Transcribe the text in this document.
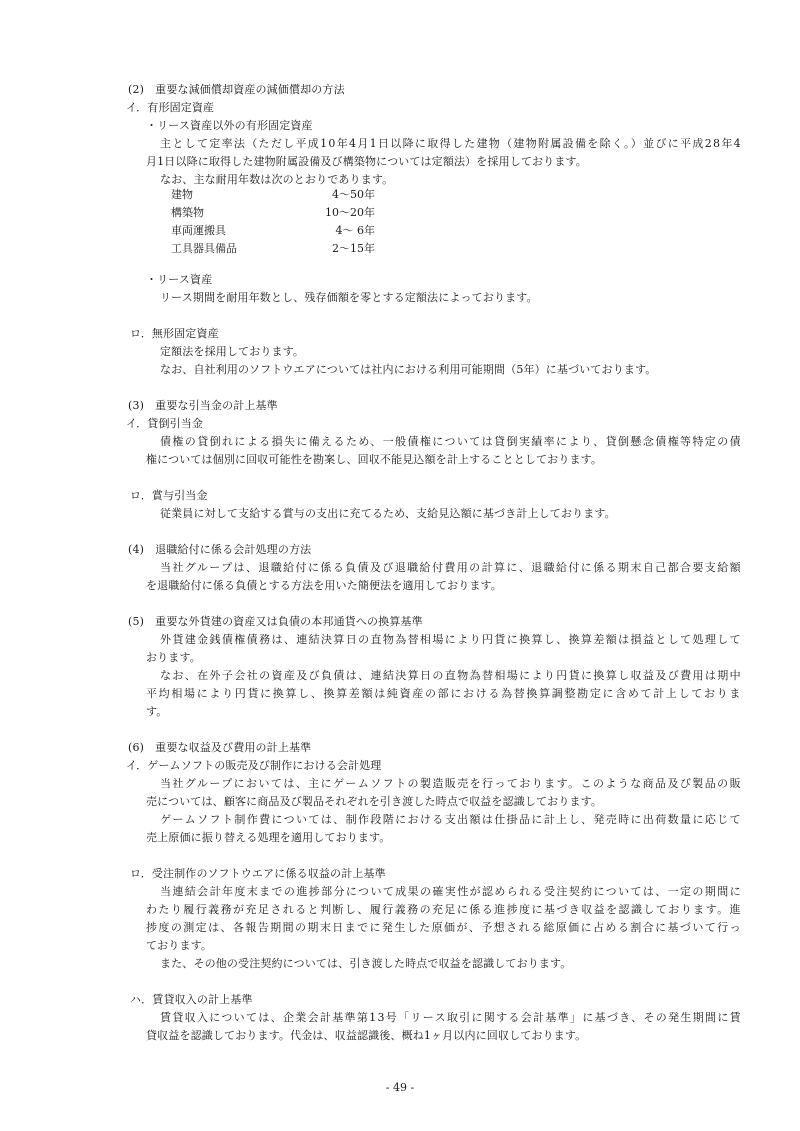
(2)　重要な減価償却資産の減価償却の方法
イ．有形固定資産
・リース資産以外の有形固定資産
主として定率法（ただし平成10年4月1日以降に取得した建物（建物附属設備を除く。）並びに平成28年4
月1日以降に取得した建物附属設備及び構築物については定額法）を採用しております。
なお、主な耐用年数は次のとおりであります。
建物	4～50年
構築物	10～20年
車両運搬具	4～ 6年
工具器具備品	2～15年
・リース資産
リース期間を耐用年数とし、残存価額を零とする定額法によっております。
ロ．無形固定資産
定額法を採用しております。
なお、自社利用のソフトウエアについては社内における利用可能期間（5年）に基づいております。
(3)　重要な引当金の計上基準
イ．貸倒引当金
債権の貸倒れによる損失に備えるため、一般債権については貸倒実績率により、貸倒懸念債権等特定の債
権については個別に回収可能性を勘案し、回収不能見込額を計上することとしております。
ロ．賞与引当金
従業員に対して支給する賞与の支出に充てるため、支給見込額に基づき計上しております。
(4)　退職給付に係る会計処理の方法
当社グループは、退職給付に係る負債及び退職給付費用の計算に、退職給付に係る期末自己都合要支給額
を退職給付に係る負債とする方法を用いた簡便法を適用しております。
(5)　重要な外貨建の資産又は負債の本邦通貨への換算基準
外貨建金銭債権債務は、連結決算日の直物為替相場により円貨に換算し、換算差額は損益として処理して
おります。
なお、在外子会社の資産及び負債は、連結決算日の直物為替相場により円貨に換算し収益及び費用は期中
平均相場により円貨に換算し、換算差額は純資産の部における為替換算調整勘定に含めて計上しておりま
す。
(6)　重要な収益及び費用の計上基準
イ．ゲームソフトの販売及び制作における会計処理
当社グループにおいては、主にゲームソフトの製造販売を行っております。このような商品及び製品の販
売については、顧客に商品及び製品それぞれを引き渡した時点で収益を認識しております。
ゲームソフト制作費については、制作段階における支出額は仕掛品に計上し、発売時に出荷数量に応じて
売上原価に振り替える処理を適用しております。
ロ．受注制作のソフトウエアに係る収益の計上基準
当連結会計年度末までの進捗部分について成果の確実性が認められる受注契約については、一定の期間に
わたり履行義務が充足されると判断し、履行義務の充足に係る進捗度に基づき収益を認識しております。進
捗度の測定は、各報告期間の期末日までに発生した原価が、予想される総原価に占める割合に基づいて行っ
ております。
また、その他の受注契約については、引き渡した時点で収益を認識しております。
ハ．賃貸収入の計上基準
賃貸収入については、企業会計基準第13号「リース取引に関する会計基準」に基づき、その発生期間に賃
貸収益を認識しております。代金は、収益認識後、概ね1ヶ月以内に回収しております。
- 49 -
